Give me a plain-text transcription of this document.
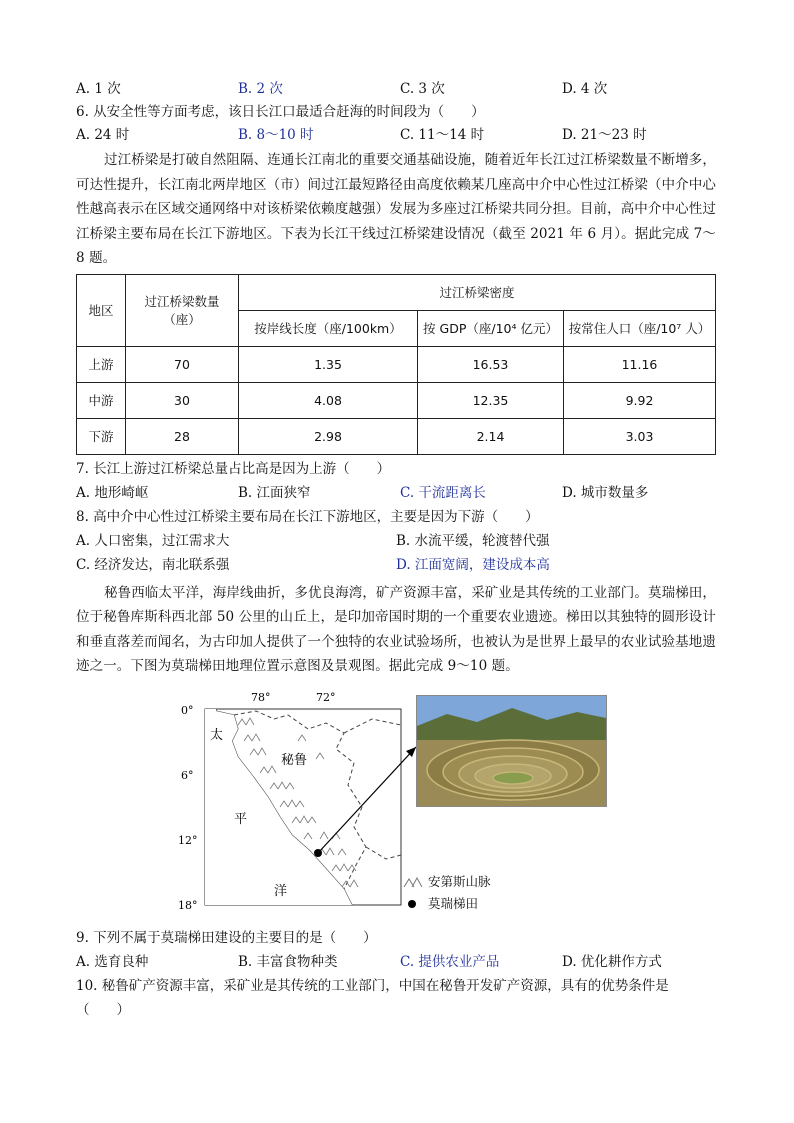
A. 1 次	B. 2 次	C. 3 次	D. 4 次
6. 从安全性等方面考虑，该日长江口最适合赶海的时间段为（　　）
A. 24 时	B. 8～10 时	C. 11～14 时	D. 21～23 时
过江桥梁是打破自然阻隔、连通长江南北的重要交通基础设施，随着近年长江过江桥梁数量不断增多，可达性提升，长江南北两岸地区（市）间过江最短路径由高度依赖某几座高中介中心性过江桥梁（中介中心性越高表示在区域交通网络中对该桥梁依赖度越强）发展为多座过江桥梁共同分担。目前，高中介中心性过江桥梁主要布局在长江下游地区。下表为长江干线过江桥梁建设情况（截至 2021 年 6 月）。据此完成 7～8 题。
地区	过江桥梁数量（座）	过江桥梁密度		
		按岸线长度（座/100km）	按 GDP（座/10⁴ 亿元）	按常住人口（座/10⁷ 人）
上游	70	1.35	16.53	11.16
中游	30	4.08	12.35	9.92
下游	28	2.98	2.14	3.03
7. 长江上游过江桥梁总量占比高是因为上游（　　）
A. 地形崎岖	B. 江面狭窄	C. 干流距离长	D. 城市数量多
8. 高中介中心性过江桥梁主要布局在长江下游地区，主要是因为下游（　　）
A. 人口密集，过江需求大	B. 水流平缓，轮渡替代强
C. 经济发达，南北联系强	D. 江面宽阔，建设成本高
秘鲁西临太平洋，海岸线曲折，多优良海湾，矿产资源丰富，采矿业是其传统的工业部门。莫瑞梯田，位于秘鲁库斯科西北部 50 公里的山丘上，是印加帝国时期的一个重要农业遗迹。梯田以其独特的圆形设计和垂直落差而闻名，为古印加人提供了一个独特的农业试验场所，也被认为是世界上最早的农业试验基地遗迹之一。下图为莫瑞梯田地理位置示意图及景观图。据此完成 9～10 题。
78°	72°
0°
6°
12°
18°
太
平
洋
秘鲁
安第斯山脉
莫瑞梯田
9. 下列不属于莫瑞梯田建设的主要目的是（　　）
A. 选育良种	B. 丰富食物种类	C. 提供农业产品	D. 优化耕作方式
10. 秘鲁矿产资源丰富，采矿业是其传统的工业部门，中国在秘鲁开发矿产资源，具有的优势条件是
（　　）
